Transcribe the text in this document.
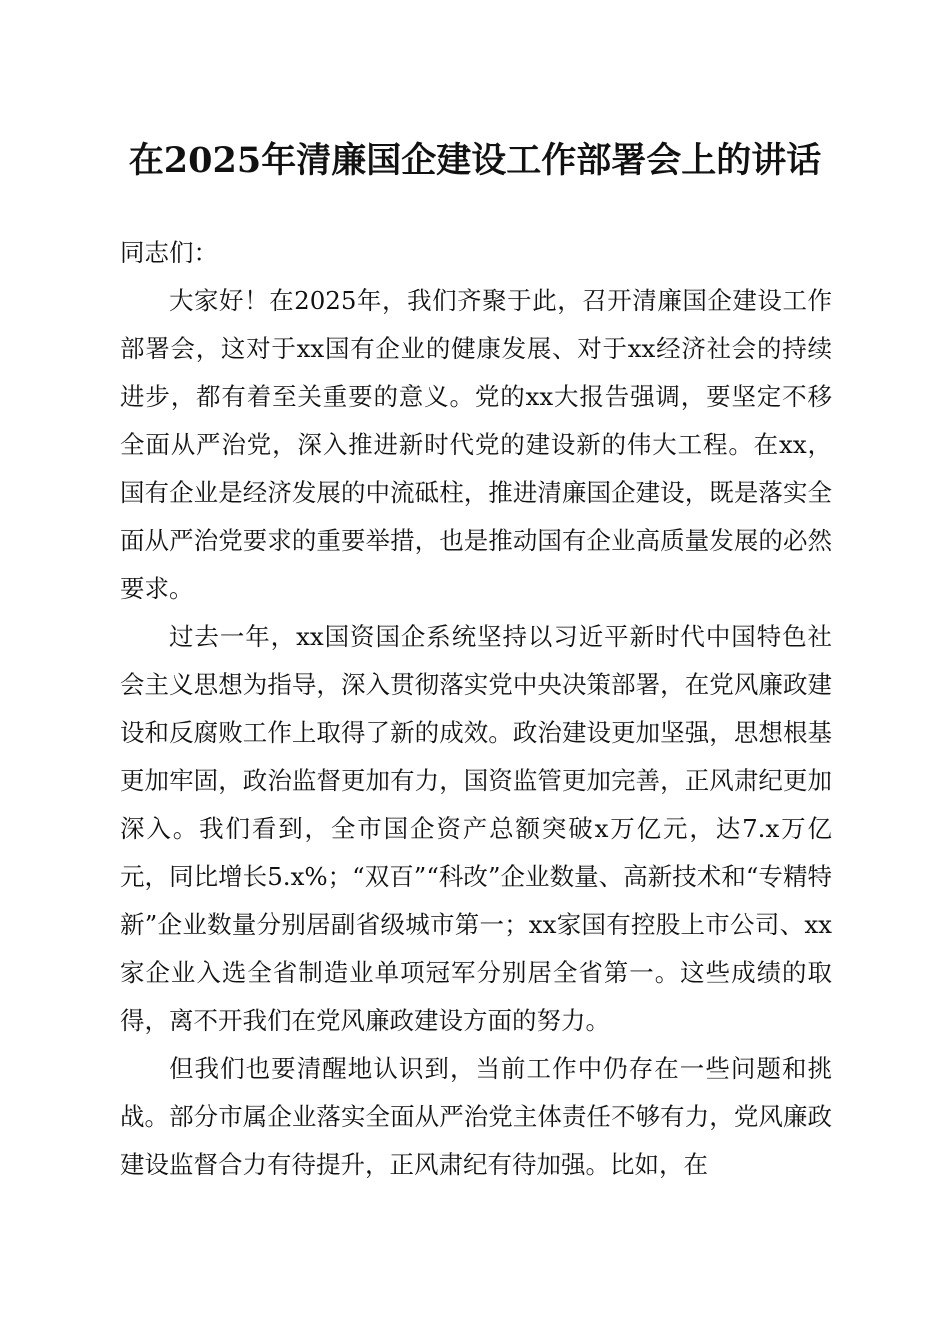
在2025年清廉国企建设工作部署会上的讲话

同志们：

大家好！在2025年，我们齐聚于此，召开清廉国企建设工作部署会，这对于xx国有企业的健康发展、对于xx经济社会的持续进步，都有着至关重要的意义。党的xx大报告强调，要坚定不移全面从严治党，深入推进新时代党的建设新的伟大工程。在xx，国有企业是经济发展的中流砥柱，推进清廉国企建设，既是落实全面从严治党要求的重要举措，也是推动国有企业高质量发展的必然要求。

过去一年，xx国资国企系统坚持以习近平新时代中国特色社会主义思想为指导，深入贯彻落实党中央决策部署，在党风廉政建设和反腐败工作上取得了新的成效。政治建设更加坚强，思想根基更加牢固，政治监督更加有力，国资监管更加完善，正风肃纪更加深入。我们看到，全市国企资产总额突破x万亿元，达7.x万亿元，同比增长5.x%；“双百”“科改”企业数量、高新技术和“专精特新”企业数量分别居副省级城市第一；xx家国有控股上市公司、xx家企业入选全省制造业单项冠军分别居全省第一。这些成绩的取得，离不开我们在党风廉政建设方面的努力。

但我们也要清醒地认识到，当前工作中仍存在一些问题和挑战。部分市属企业落实全面从严治党主体责任不够有力，党风廉政建设监督合力有待提升，正风肃纪有待加强。比如，在
